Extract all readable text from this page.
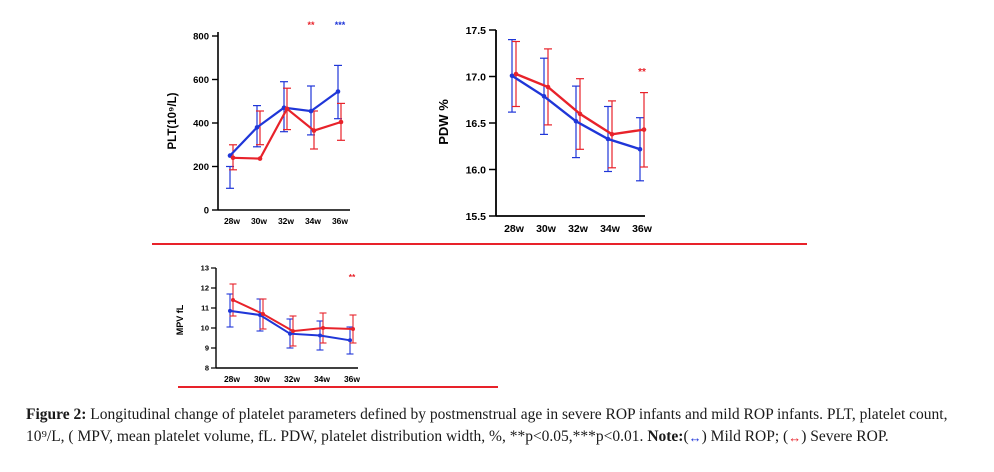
0
200
400
600
800
28w 30w 32w 34w 36w
PLT(10⁹/L)
** ***
15.5
16.0
16.5
17.0
17.5
28w 30w 32w 34w 36w
PDW %
**
8
9
10
11
12
13
28w 30w 32w 34w 36w
MPV fL
**
Figure 2: Longitudinal change of platelet parameters defined by postmenstrual age in severe ROP infants and mild ROP infants. PLT, platelet count, 10⁹/L, ( MPV, mean platelet volume, fL. PDW, platelet distribution width, %, **p<0.05,***p<0.01. Note:(↔) Mild ROP; (↔) Severe ROP.
